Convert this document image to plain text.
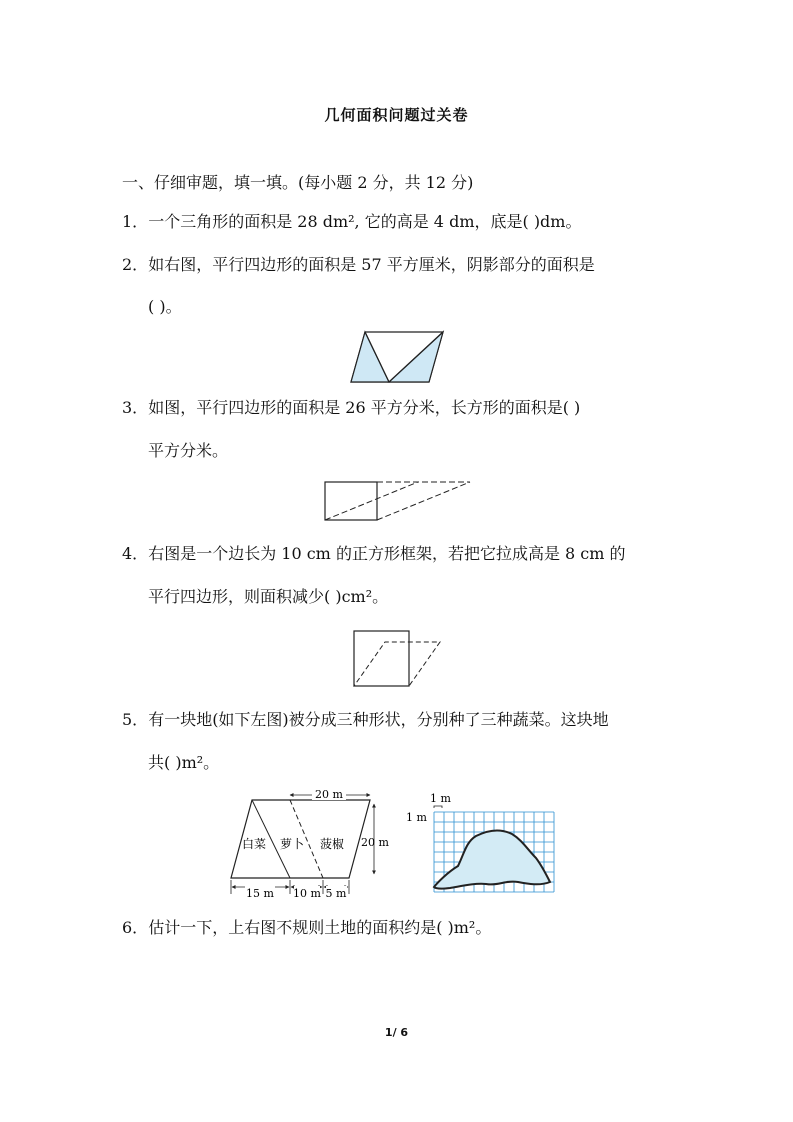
几何面积问题过关卷
一、仔细审题，填一填。(每小题 2 分，共 12 分)
1．一个三角形的面积是 28 dm², 它的高是 4 dm，底是( )dm。
2．如右图，平行四边形的面积是 57 平方厘米，阴影部分的面积是
( )。
3．如图，平行四边形的面积是 26 平方分米，长方形的面积是( )
平方分米。
4．右图是一个边长为 10 cm 的正方形框架，若把它拉成高是 8 cm 的
平行四边形，则面积减少( )cm²。
5．有一块地(如下左图)被分成三种形状，分别种了三种蔬菜。这块地
共( )m²。
20 m
20 m
白菜 萝卜 菠椒
15 m 10 m 5 m
1 m
1 m
6．估计一下，上右图不规则土地的面积约是( )m²。
1/ 6
